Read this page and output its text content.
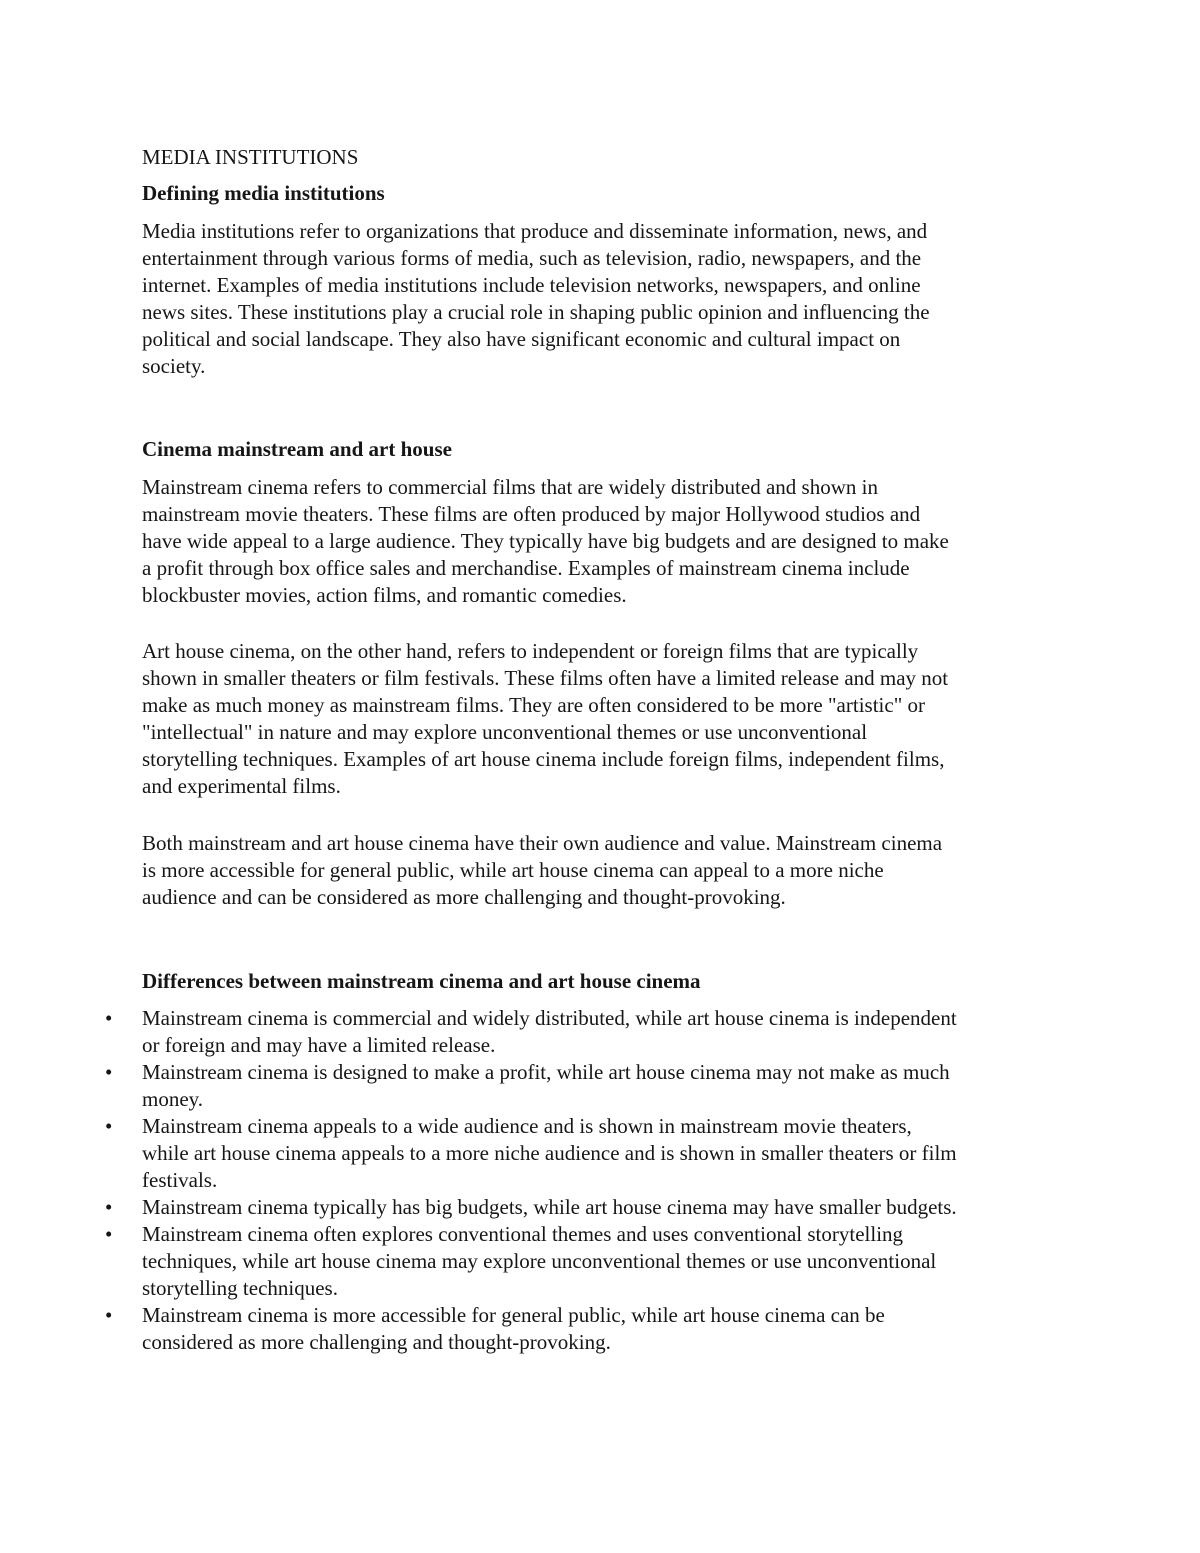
MEDIA INSTITUTIONS
Defining media institutions
Media institutions refer to organizations that produce and disseminate information, news, and
entertainment through various forms of media, such as television, radio, newspapers, and the
internet. Examples of media institutions include television networks, newspapers, and online
news sites. These institutions play a crucial role in shaping public opinion and influencing the
political and social landscape. They also have significant economic and cultural impact on
society.
Cinema mainstream and art house
Mainstream cinema refers to commercial films that are widely distributed and shown in
mainstream movie theaters. These films are often produced by major Hollywood studios and
have wide appeal to a large audience. They typically have big budgets and are designed to make
a profit through box office sales and merchandise. Examples of mainstream cinema include
blockbuster movies, action films, and romantic comedies.
Art house cinema, on the other hand, refers to independent or foreign films that are typically
shown in smaller theaters or film festivals. These films often have a limited release and may not
make as much money as mainstream films. They are often considered to be more "artistic" or
"intellectual" in nature and may explore unconventional themes or use unconventional
storytelling techniques. Examples of art house cinema include foreign films, independent films,
and experimental films.
Both mainstream and art house cinema have their own audience and value. Mainstream cinema
is more accessible for general public, while art house cinema can appeal to a more niche
audience and can be considered as more challenging and thought-provoking.
Differences between mainstream cinema and art house cinema
• Mainstream cinema is commercial and widely distributed, while art house cinema is independent
or foreign and may have a limited release.
• Mainstream cinema is designed to make a profit, while art house cinema may not make as much
money.
• Mainstream cinema appeals to a wide audience and is shown in mainstream movie theaters,
while art house cinema appeals to a more niche audience and is shown in smaller theaters or film
festivals.
• Mainstream cinema typically has big budgets, while art house cinema may have smaller budgets.
• Mainstream cinema often explores conventional themes and uses conventional storytelling
techniques, while art house cinema may explore unconventional themes or use unconventional
storytelling techniques.
• Mainstream cinema is more accessible for general public, while art house cinema can be
considered as more challenging and thought-provoking.
